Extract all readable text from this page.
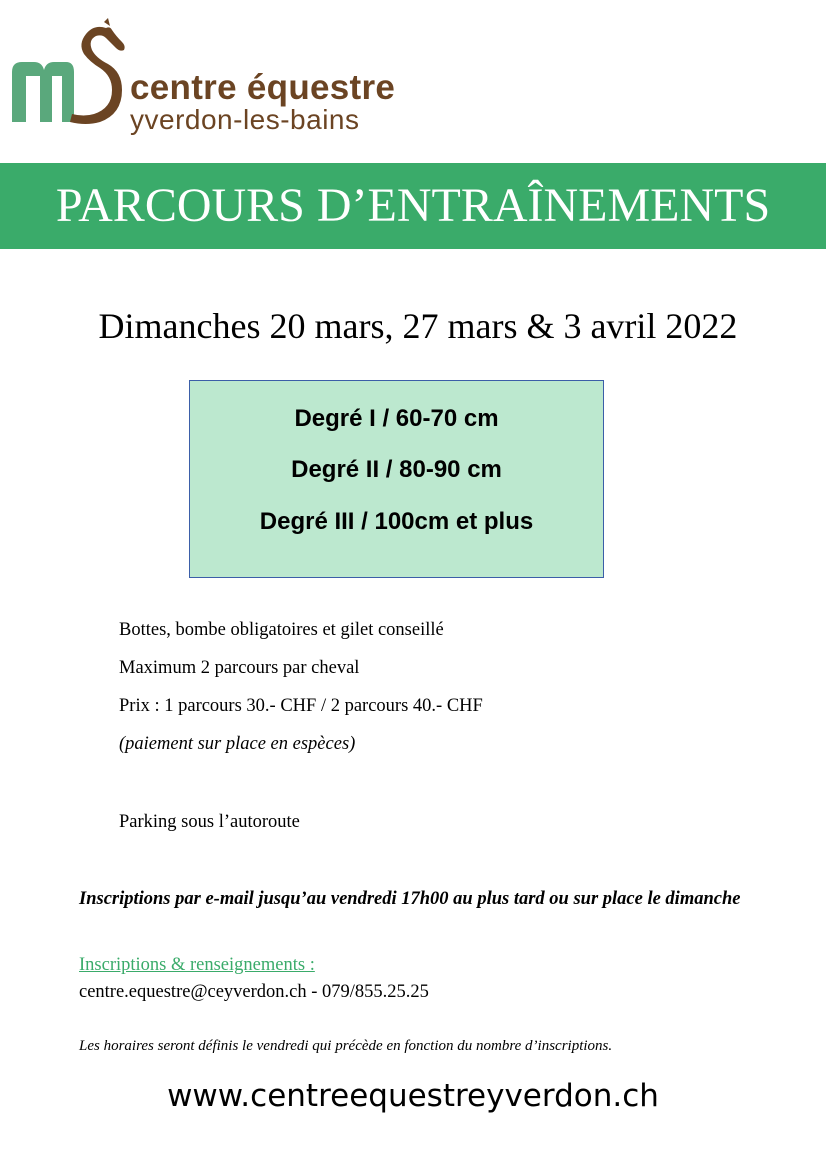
centre équestre
yverdon-les-bains
PARCOURS D’ENTRAÎNEMENTS
Dimanches 20 mars, 27 mars & 3 avril 2022
Degré I / 60-70 cm
Degré II / 80-90 cm
Degré III / 100cm et plus
Bottes, bombe obligatoires et gilet conseillé
Maximum 2 parcours par cheval
Prix : 1 parcours 30.- CHF / 2 parcours 40.- CHF
(paiement sur place en espèces)
Parking sous l’autoroute
Inscriptions par e-mail jusqu’au vendredi 17h00 au plus tard ou sur place le dimanche
Inscriptions & renseignements :
centre.equestre@ceyverdon.ch - 079/855.25.25
Les horaires seront définis le vendredi qui précède en fonction du nombre d’inscriptions.
www.centreequestreyverdon.ch
